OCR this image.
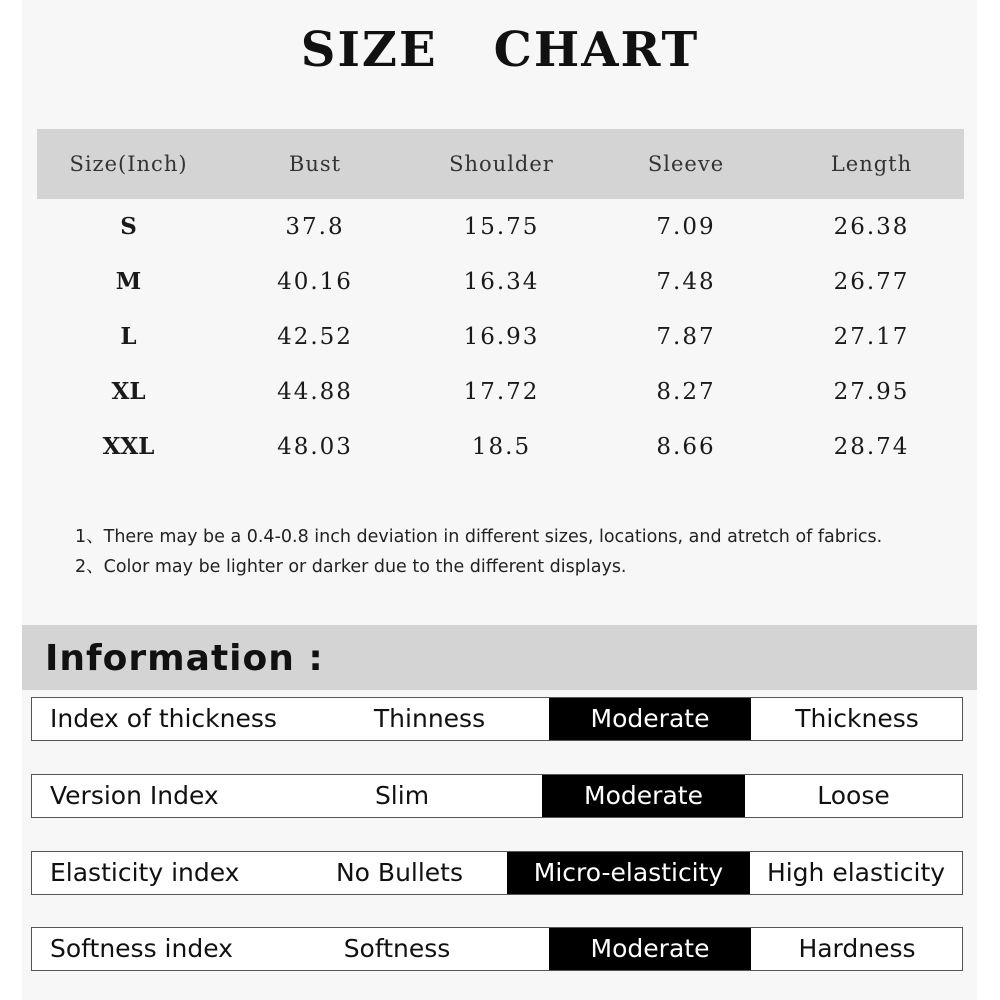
SIZE   CHART
Size(Inch)	Bust	Shoulder	Sleeve	Length
S	37.8	15.75	7.09	26.38
M	40.16	16.34	7.48	26.77
L	42.52	16.93	7.87	27.17
XL	44.88	17.72	8.27	27.95
XXL	48.03	18.5	8.66	28.74
1、There may be a 0.4-0.8 inch deviation in different sizes, locations, and atretch of fabrics.
2、Color may be lighter or darker due to the different displays.
Information :
Index of thickness	Thinness	Moderate	Thickness
Version Index	Slim	Moderate	Loose
Elasticity index	No Bullets	Micro-elasticity	High elasticity
Softness index	Softness	Moderate	Hardness
